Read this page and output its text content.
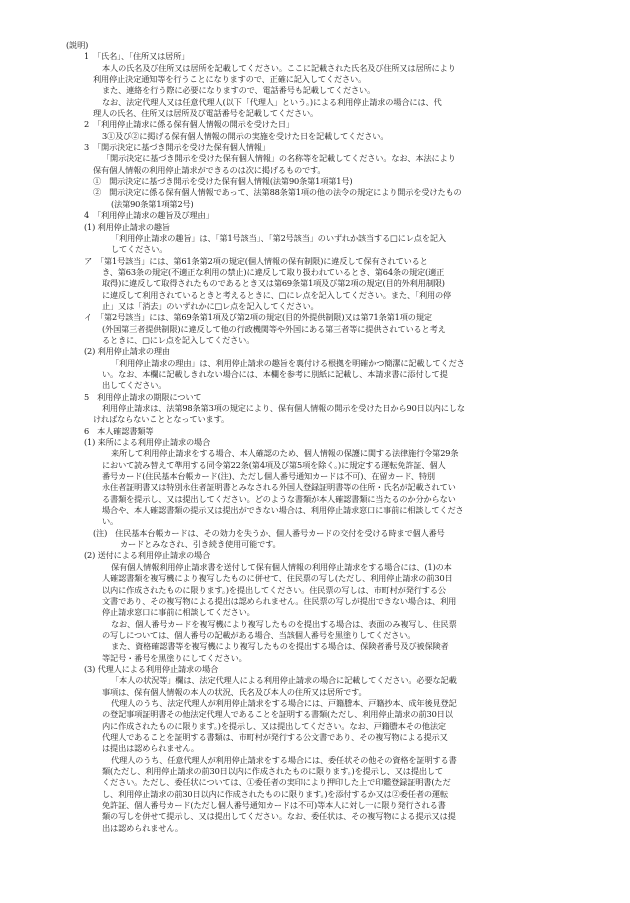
(説明)
1　「氏名」、「住所又は居所」
本人の氏名及び住所又は居所を記載してください。ここに記載された氏名及び住所又は居所により
利用停止決定通知等を行うことになりますので、正確に記入してください。
また、連絡を行う際に必要になりますので、電話番号も記載してください。
なお、法定代理人又は任意代理人(以下「代理人」という。)による利用停止請求の場合には、代
理人の氏名、住所又は居所及び電話番号を記載してください。
2　「利用停止請求に係る保有個人情報の開示を受けた日」
3①及び②に掲げる保有個人情報の開示の実施を受けた日を記載してください。
3　「開示決定に基づき開示を受けた保有個人情報」
「開示決定に基づき開示を受けた保有個人情報」の名称等を記載してください。なお、本法により
保有個人情報の利用停止請求ができるのは次に掲げるものです。
①　開示決定に基づき開示を受けた保有個人情報(法第90条第1項第1号)
②　開示決定に係る保有個人情報であって、法第88条第1項の他の法令の規定により開示を受けたもの
(法第90条第1項第2号)
4　「利用停止請求の趣旨及び理由」
(1) 利用停止請求の趣旨
「利用停止請求の趣旨」は、「第1号該当」、「第2号該当」のいずれか該当する□にレ点を記入
してください。
ア　「第1号該当」には、第61条第2項の規定(個人情報の保有制限)に違反して保有されていると
き、第63条の規定(不適正な利用の禁止)に違反して取り扱われているとき、第64条の規定(適正
取得)に違反して取得されたものであるとき又は第69条第1項及び第2項の規定(目的外利用制限)
に違反して利用されているときと考えるときに、□にレ点を記入してください。また、「利用の停
止」又は「消去」のいずれかに□レ点を記入してください。
イ　「第2号該当」には、第69条第1項及び第2項の規定(目的外提供制限)又は第71条第1項の規定
(外国第三者提供制限)に違反して他の行政機関等や外国にある第三者等に提供されていると考え
るときに、□にレ点を記入してください。
(2) 利用停止請求の理由
「利用停止請求の理由」は、利用停止請求の趣旨を裏付ける根拠を明確かつ簡潔に記載してくださ
い。なお、本欄に記載しきれない場合には、本欄を参考に別紙に記載し、本請求書に添付して提
出してください。
5　利用停止請求の期限について
利用停止請求は、法第98条第3項の規定により、保有個人情報の開示を受けた日から90日以内にしな
ければならないこととなっています。
6　本人確認書類等
(1) 来所による利用停止請求の場合
来所して利用停止請求をする場合、本人確認のため、個人情報の保護に関する法律施行令第29条
において読み替えて準用する同令第22条(第4項及び第5項を除く。)に規定する運転免許証、個人
番号カード(住民基本台帳カード(注)、ただし個人番号通知カードは不可)、在留カード、特別
永住者証明書又は特別永住者証明書とみなされる外国人登録証明書等の住所・氏名が記載されてい
る書類を提示し、又は提出してください。どのような書類が本人確認書類に当たるのか分からない
場合や、本人確認書類の提示又は提出ができない場合は、利用停止請求窓口に事前に相談してくださ
い。
(注)　住民基本台帳カードは、その効力を失うか、個人番号カードの交付を受ける時まで個人番号
カードとみなされ、引き続き使用可能です。
(2) 送付による利用停止請求の場合
保有個人情報利用停止請求書を送付して保有個人情報の利用停止請求をする場合には、(1)の本
人確認書類を複写機により複写したものに併せて、住民票の写し(ただし、利用停止請求の前30日
以内に作成されたものに限ります。)を提出してください。住民票の写しは、市町村が発行する公
文書であり、その複写物による提出は認められません。住民票の写しが提出できない場合は、利用
停止請求窓口に事前に相談してください。
なお、個人番号カードを複写機により複写したものを提出する場合は、表面のみ複写し、住民票
の写しについては、個人番号の記載がある場合、当該個人番号を黒塗りしてください。
また、資格確認書等を複写機により複写したものを提出する場合は、保険者番号及び被保険者
等記号・番号を黒塗りにしてください。
(3) 代理人による利用停止請求の場合
「本人の状況等」欄は、法定代理人による利用停止請求の場合に記載してください。必要な記載
事項は、保有個人情報の本人の状況、氏名及び本人の住所又は居所です。
代理人のうち、法定代理人が利用停止請求をする場合には、戸籍謄本、戸籍抄本、成年後見登記
の登記事項証明書その他法定代理人であることを証明する書類(ただし、利用停止請求の前30日以
内に作成されたものに限ります。)を提示し、又は提出してください。なお、戸籍謄本その他法定
代理人であることを証明する書類は、市町村が発行する公文書であり、その複写物による提示又
は提出は認められません。
代理人のうち、任意代理人が利用停止請求をする場合には、委任状その他その資格を証明する書
類(ただし、利用停止請求の前30日以内に作成されたものに限ります。)を提示し、又は提出して
ください。ただし、委任状については、①委任者の実印により押印した上で印鑑登録証明書(ただ
し、利用停止請求の前30日以内に作成されたものに限ります。)を添付するか又は②委任者の運転
免許証、個人番号カード(ただし個人番号通知カードは不可)等本人に対し一に限り発行される書
類の写しを併せて提示し、又は提出してください。なお、委任状は、その複写物による提示又は提
出は認められません。
